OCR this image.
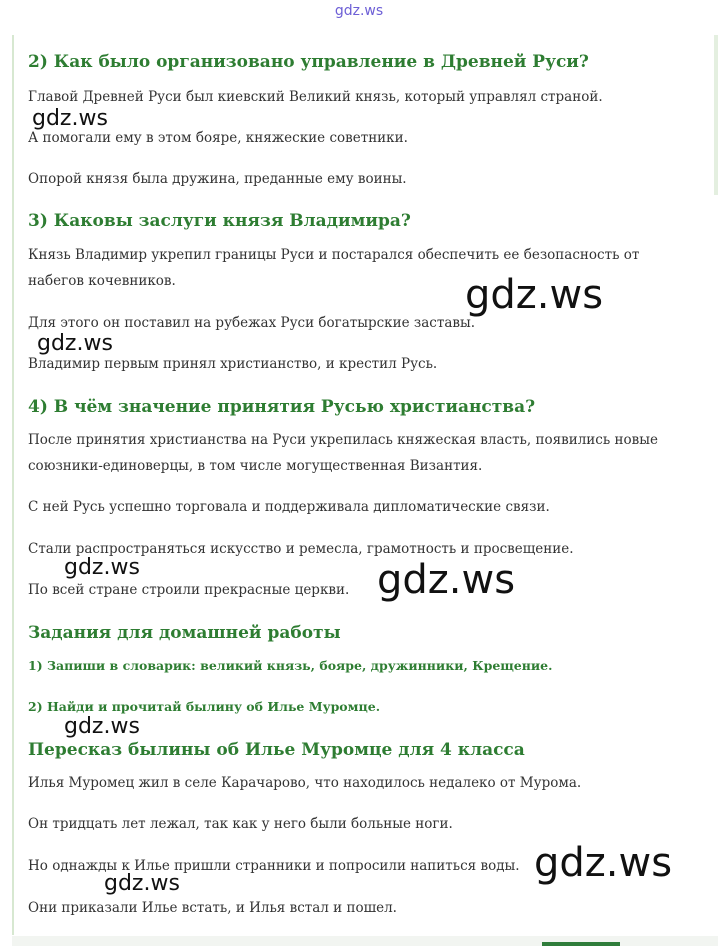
gdz.ws
2) Как было организовано управление в Древней Руси?

Главой Древней Руси был киевский Великий князь, который управлял страной.

А помогали ему в этом бояре, княжеские советники.

Опорой князя была дружина, преданные ему воины.

3) Каковы заслуги князя Владимира?

Князь Владимир укрепил границы Руси и постарался обеспечить ее безопасность от

набегов кочевников.

Для этого он поставил на рубежах Руси богатырские заставы.

Владимир первым принял христианство, и крестил Русь.

4) В чём значение принятия Русью христианства?

После принятия христианства на Руси укрепилась княжеская власть, появились новые

союзники-единоверцы, в том числе могущественная Византия.

С ней Русь успешно торговала и поддерживала дипломатические связи.

Стали распространяться искусство и ремесла, грамотность и просвещение.

По всей стране строили прекрасные церкви.

Задания для домашней работы

1) Запиши в словарик: великий князь, бояре, дружинники, Крещение.

2) Найди и прочитай былину об Илье Муромце.

Пересказ былины об Илье Муромце для 4 класса

Илья Муромец жил в селе Карачарово, что находилось недалеко от Мурома.

Он тридцать лет лежал, так как у него были больные ноги.

Но однажды к Илье пришли странники и попросили напиться воды.

Они приказали Илье встать, и Илья встал и пошел.

gdz.ws
gdz.ws
gdz.ws
gdz.ws	gdz.ws
gdz.ws
gdz.ws
gdz.ws
